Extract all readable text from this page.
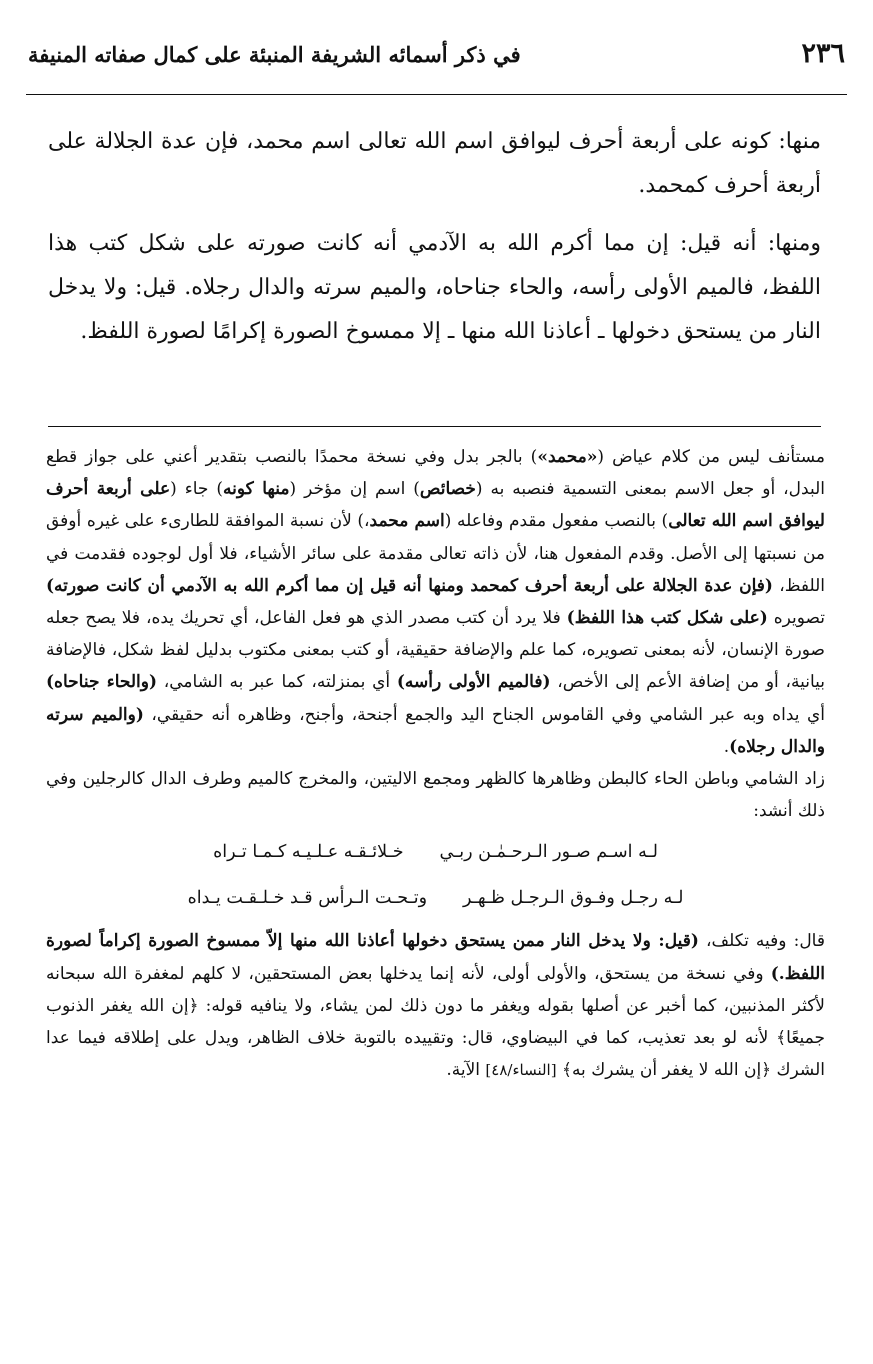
٢٣٦
في ذكر أسمائه الشريفة المنبئة على كمال صفاته المنيفة

منها: كونه على أربعة أحرف ليوافق اسم الله تعالى اسم محمد، فإن عدة الجلالة على أربعة أحرف كمحمد.

ومنها: أنه قيل: إن مما أكرم الله به الآدمي أنه كانت صورته على شكل كتب هذا اللفظ، فالميم الأولى رأسه، والحاء جناحاه، والميم سرته والدال رجلاه. قيل: ولا يدخل النار من يستحق دخولها ـ أعاذنا الله منها ـ إلا ممسوخ الصورة إكرامًا لصورة اللفظ.

مستأنف ليس من كلام عياض («محمد») بالجر بدل وفي نسخة محمدًا بالنصب بتقدير أعني على جواز قطع البدل، أو جعل الاسم بمعنى التسمية فنصبه به (خصائص) اسم إن مؤخر (منها كونه) جاء (على أربعة أحرف ليوافق اسم الله تعالى) بالنصب مفعول مقدم وفاعله (اسم محمد،) لأن نسبة الموافقة للطارىء على غيره أوفق من نسبتها إلى الأصل. وقدم المفعول هنا، لأن ذاته تعالى مقدمة على سائر الأشياء، فلا أول لوجوده فقدمت في اللفظ، (فإن عدة الجلالة على أربعة أحرف كمحمد ومنها أنه قيل إن مما أكرم الله به الآدمي أن كانت صورته) تصويره (على شكل كتب هذا اللفظ) فلا يرد أن كتب مصدر الذي هو فعل الفاعل، أي تحريك يده، فلا يصح جعله صورة الإنسان، لأنه بمعنى تصويره، كما علم والإضافة حقيقية، أو كتب بمعنى مكتوب بدليل لفظ شكل، فالإضافة بيانية، أو من إضافة الأعم إلى الأخص، (فالميم الأولى رأسه) أي بمنزلته، كما عبر به الشامي، (والحاء جناحاه) أي يداه وبه عبر الشامي وفي القاموس الجناح اليد والجمع أجنحة، وأجنح، وظاهره أنه حقيقي، (والميم سرته والدال رجلاه).

زاد الشامي وباطن الحاء كالبطن وظاهرها كالظهر ومجمع الاليتين، والمخرج كالميم وطرف الدال كالرجلين وفي ذلك أنشد:

لـه اسـم صـور الـرحـمٰـن ربـي
خـلائـقـه عـلـيـه كـمـا تـراه
لـه رجـل وفـوق الـرجـل ظـهـر
وتـحـت الـرأس قـد خـلـقـت يـداه

قال: وفيه تكلف، (قيل: ولا يدخل النار ممن يستحق دخولها أعاذنا الله منها إلاّ ممسوخ الصورة إكراماً لصورة اللفظ.) وفي نسخة من يستحق، والأولى أولى، لأنه إنما يدخلها بعض المستحقين، لا كلهم لمغفرة الله سبحانه لأكثر المذنبين، كما أخبر عن أصلها بقوله ويغفر ما دون ذلك لمن يشاء، ولا ينافيه قوله: ﴿إن الله يغفر الذنوب جميعًا﴾ لأنه لو بعد تعذيب، كما في البيضاوي، قال: وتقييده بالتوبة خلاف الظاهر، ويدل على إطلاقه فيما عدا الشرك ﴿إن الله لا يغفر أن يشرك به﴾ [النساء/٤٨] الآية.
